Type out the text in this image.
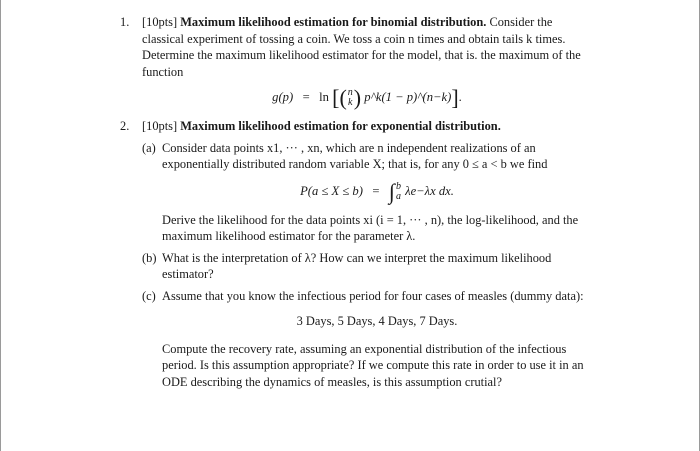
1. [10pts] Maximum likelihood estimation for binomial distribution. Consider the classical experiment of tossing a coin. We toss a coin n times and obtain tails k times. Determine the maximum likelihood estimator for the model, that is. the maximum of the function
g(p) = ln [(n
k) p^k(1 − p)^(n−k)].
2. [10pts] Maximum likelihood estimation for exponential distribution.
(a) Consider data points x1, ··· , xn, which are n independent realizations of an exponentially distributed random variable X; that is, for any 0 ≤ a < b we find
P(a ≤ X ≤ b) = ∫b
a λe−λx dx.
Derive the likelihood for the data points xi (i = 1, ··· , n), the log-likelihood, and the maximum likelihood estimator for the parameter λ.
(b) What is the interpretation of λ? How can we interpret the maximum likelihood estimator?
(c) Assume that you know the infectious period for four cases of measles (dummy data):
3 Days, 5 Days, 4 Days, 7 Days.
Compute the recovery rate, assuming an exponential distribution of the infectious period. Is this assumption appropriate? If we compute this rate in order to use it in an ODE describing the dynamics of measles, is this assumption crutial?
